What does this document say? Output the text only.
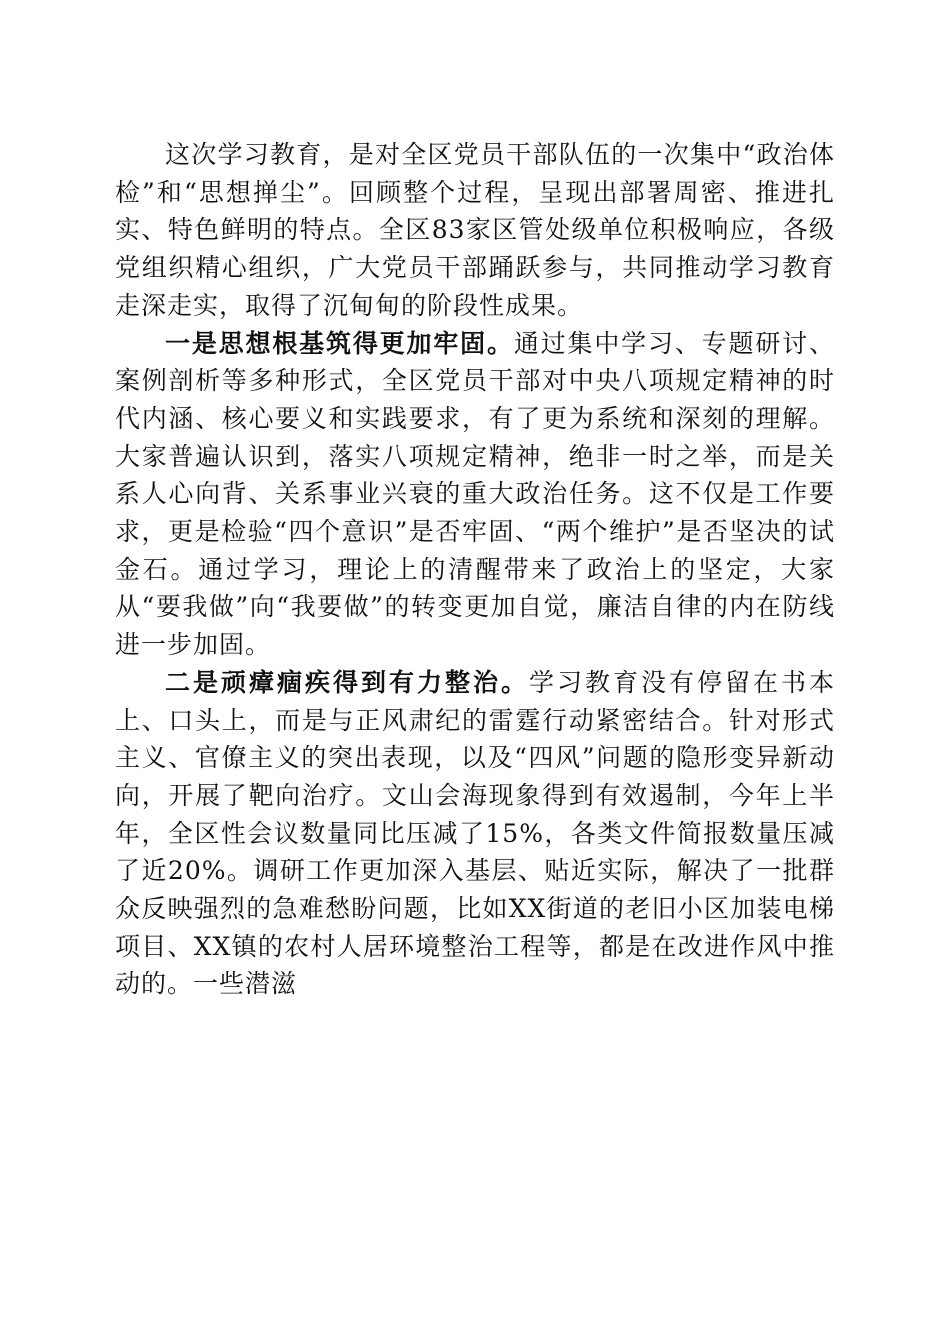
这次学习教育，是对全区党员干部队伍的一次集中“政治体检”和“思想掸尘”。回顾整个过程，呈现出部署周密、推进扎实、特色鲜明的特点。全区83家区管处级单位积极响应，各级党组织精心组织，广大党员干部踊跃参与，共同推动学习教育走深走实，取得了沉甸甸的阶段性成果。

一是思想根基筑得更加牢固。通过集中学习、专题研讨、案例剖析等多种形式，全区党员干部对中央八项规定精神的时代内涵、核心要义和实践要求，有了更为系统和深刻的理解。大家普遍认识到，落实八项规定精神，绝非一时之举，而是关系人心向背、关系事业兴衰的重大政治任务。这不仅是工作要求，更是检验“四个意识”是否牢固、“两个维护”是否坚决的试金石。通过学习，理论上的清醒带来了政治上的坚定，大家从“要我做”向“我要做”的转变更加自觉，廉洁自律的内在防线进一步加固。

二是顽瘴痼疾得到有力整治。学习教育没有停留在书本上、口头上，而是与正风肃纪的雷霆行动紧密结合。针对形式主义、官僚主义的突出表现，以及“四风”问题的隐形变异新动向，开展了靶向治疗。文山会海现象得到有效遏制，今年上半年，全区性会议数量同比压减了15%，各类文件简报数量压减了近20%。调研工作更加深入基层、贴近实际，解决了一批群众反映强烈的急难愁盼问题，比如XX街道的老旧小区加装电梯项目、XX镇的农村人居环境整治工程等，都是在改进作风中推动的。一些潜滋
